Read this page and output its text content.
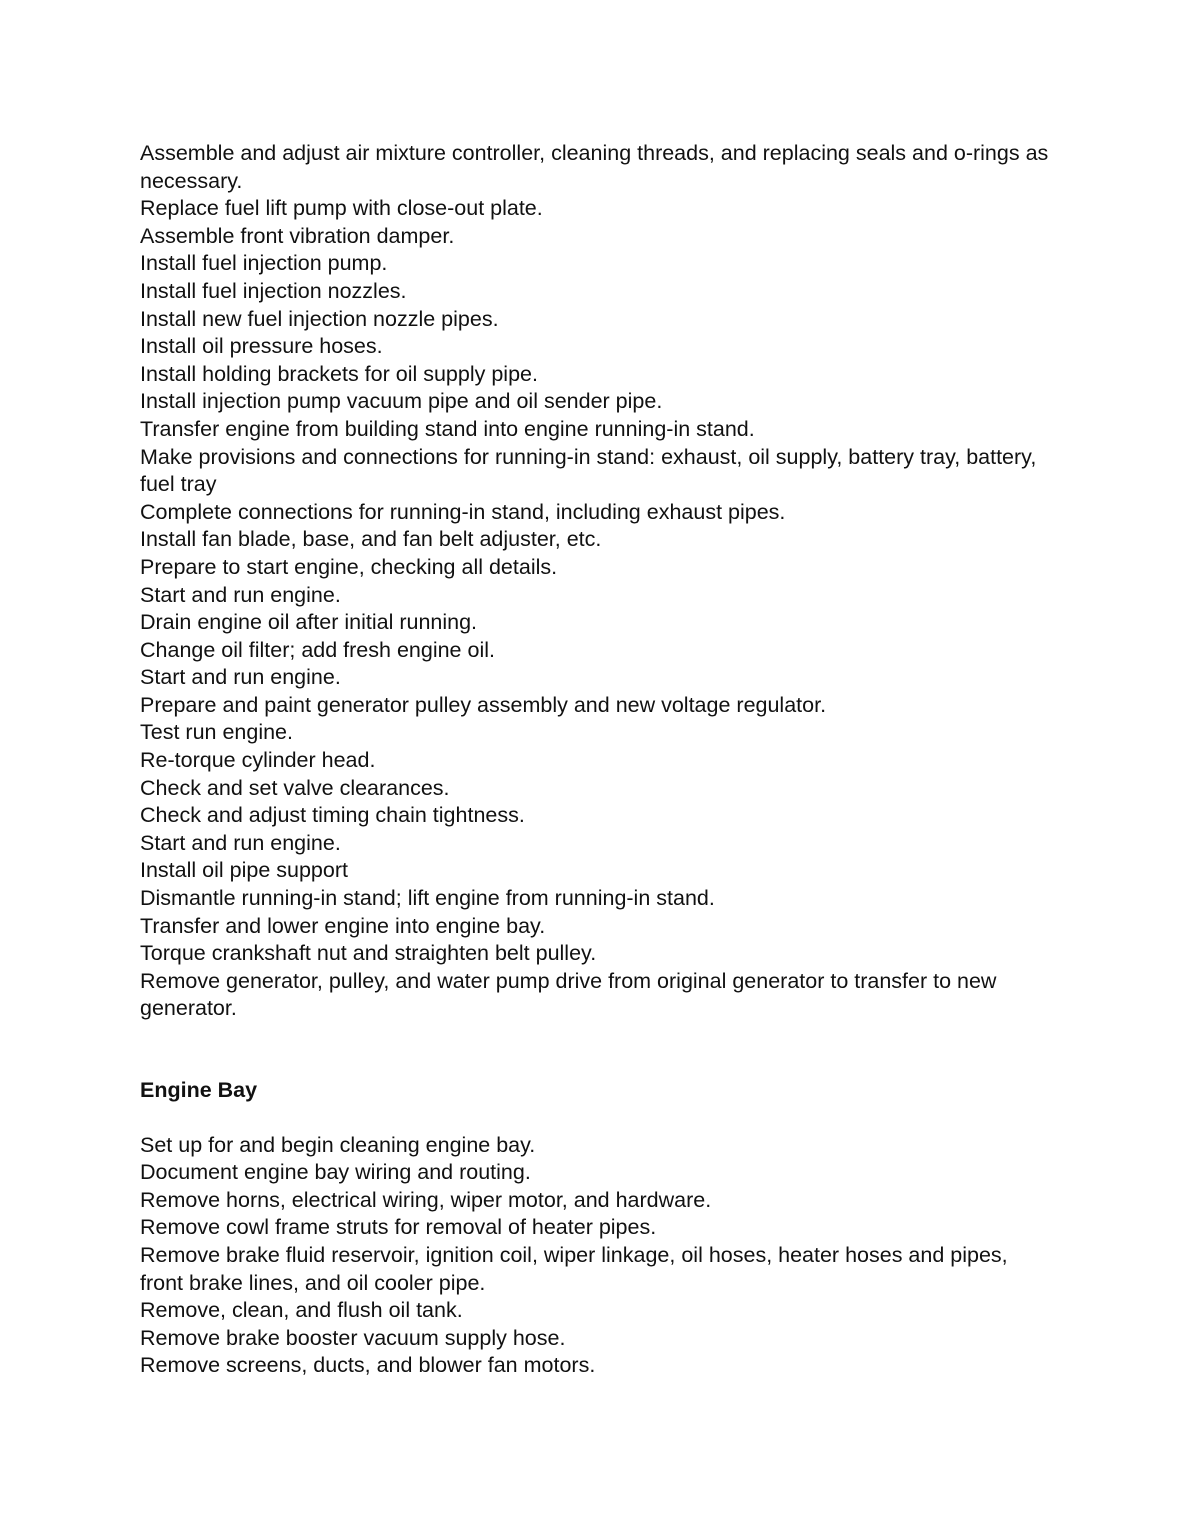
Assemble and adjust air mixture controller, cleaning threads, and replacing seals and o-rings as necessary.
Replace fuel lift pump with close-out plate.
Assemble front vibration damper.
Install fuel injection pump.
Install fuel injection nozzles.
Install new fuel injection nozzle pipes.
Install oil pressure hoses.
Install holding brackets for oil supply pipe.
Install injection pump vacuum pipe and oil sender pipe.
Transfer engine from building stand into engine running-in stand.
Make provisions and connections for running-in stand: exhaust, oil supply, battery tray, battery, fuel tray
Complete connections for running-in stand, including exhaust pipes.
Install fan blade, base, and fan belt adjuster, etc.
Prepare to start engine, checking all details.
Start and run engine.
Drain engine oil after initial running.
Change oil filter; add fresh engine oil.
Start and run engine.
Prepare and paint generator pulley assembly and new voltage regulator.
Test run engine.
Re-torque cylinder head.
Check and set valve clearances.
Check and adjust timing chain tightness.
Start and run engine.
Install oil pipe support
Dismantle running-in stand; lift engine from running-in stand.
Transfer and lower engine into engine bay.
Torque crankshaft nut and straighten belt pulley.
Remove generator, pulley, and water pump drive from original generator to transfer to new generator.
Engine Bay
Set up for and begin cleaning engine bay.
Document engine bay wiring and routing.
Remove horns, electrical wiring, wiper motor, and hardware.
Remove cowl frame struts for removal of heater pipes.
Remove brake fluid reservoir, ignition coil, wiper linkage, oil hoses, heater hoses and pipes, front brake lines, and oil cooler pipe.
Remove, clean, and flush oil tank.
Remove brake booster vacuum supply hose.
Remove screens, ducts, and blower fan motors.
